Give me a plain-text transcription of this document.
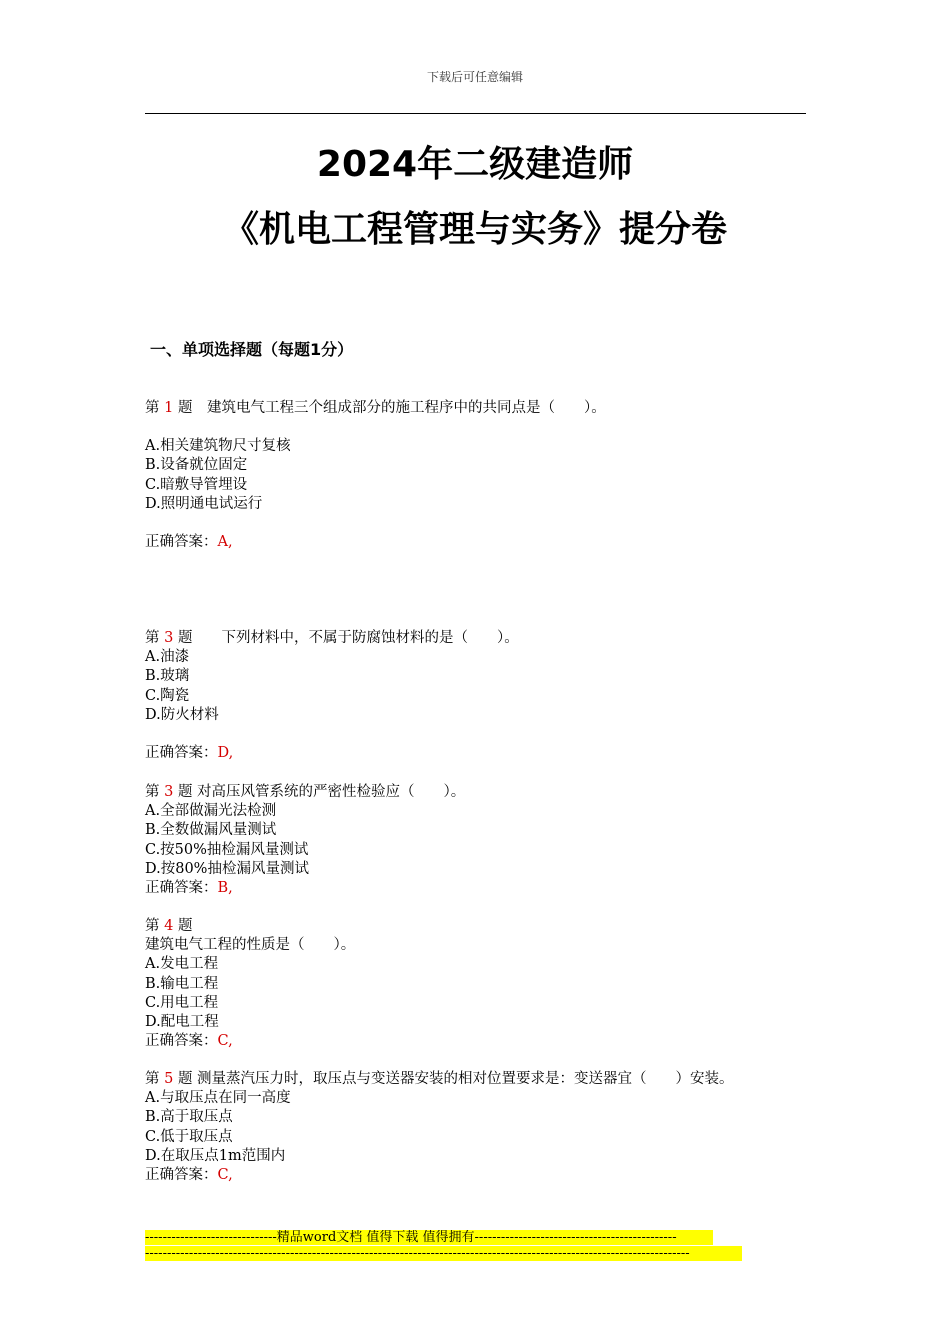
下载后可任意编辑
2024年二级建造师
《机电工程管理与实务》提分卷
一、单项选择题（每题1分）
第 1 题　建筑电气工程三个组成部分的施工程序中的共同点是（　　）。
A.相关建筑物尺寸复核
B.设备就位固定
C.暗敷导管埋设
D.照明通电试运行
正确答案：A,
第 3 题　　下列材料中，不属于防腐蚀材料的是（　　）。
A.油漆
B.玻璃
C.陶瓷
D.防火材料
正确答案：D,
第 3 题 对高压风管系统的严密性检验应（　　）。
A.全部做漏光法检测
B.全数做漏风量测试
C.按50%抽检漏风量测试
D.按80%抽检漏风量测试
正确答案：B,
第 4 题
建筑电气工程的性质是（　　）。
A.发电工程
B.输电工程
C.用电工程
D.配电工程
正确答案：C,
第 5 题 测量蒸汽压力时，取压点与变送器安装的相对位置要求是：变送器宜（　　）安装。
A.与取压点在同一高度
B.高于取压点
C.低于取压点
D.在取压点1m范围内
正确答案：C,
------------------------------精品word文档 值得下载 值得拥有----------------------------------------------
----------------------------------------------------------------------------------------------------------------------------
